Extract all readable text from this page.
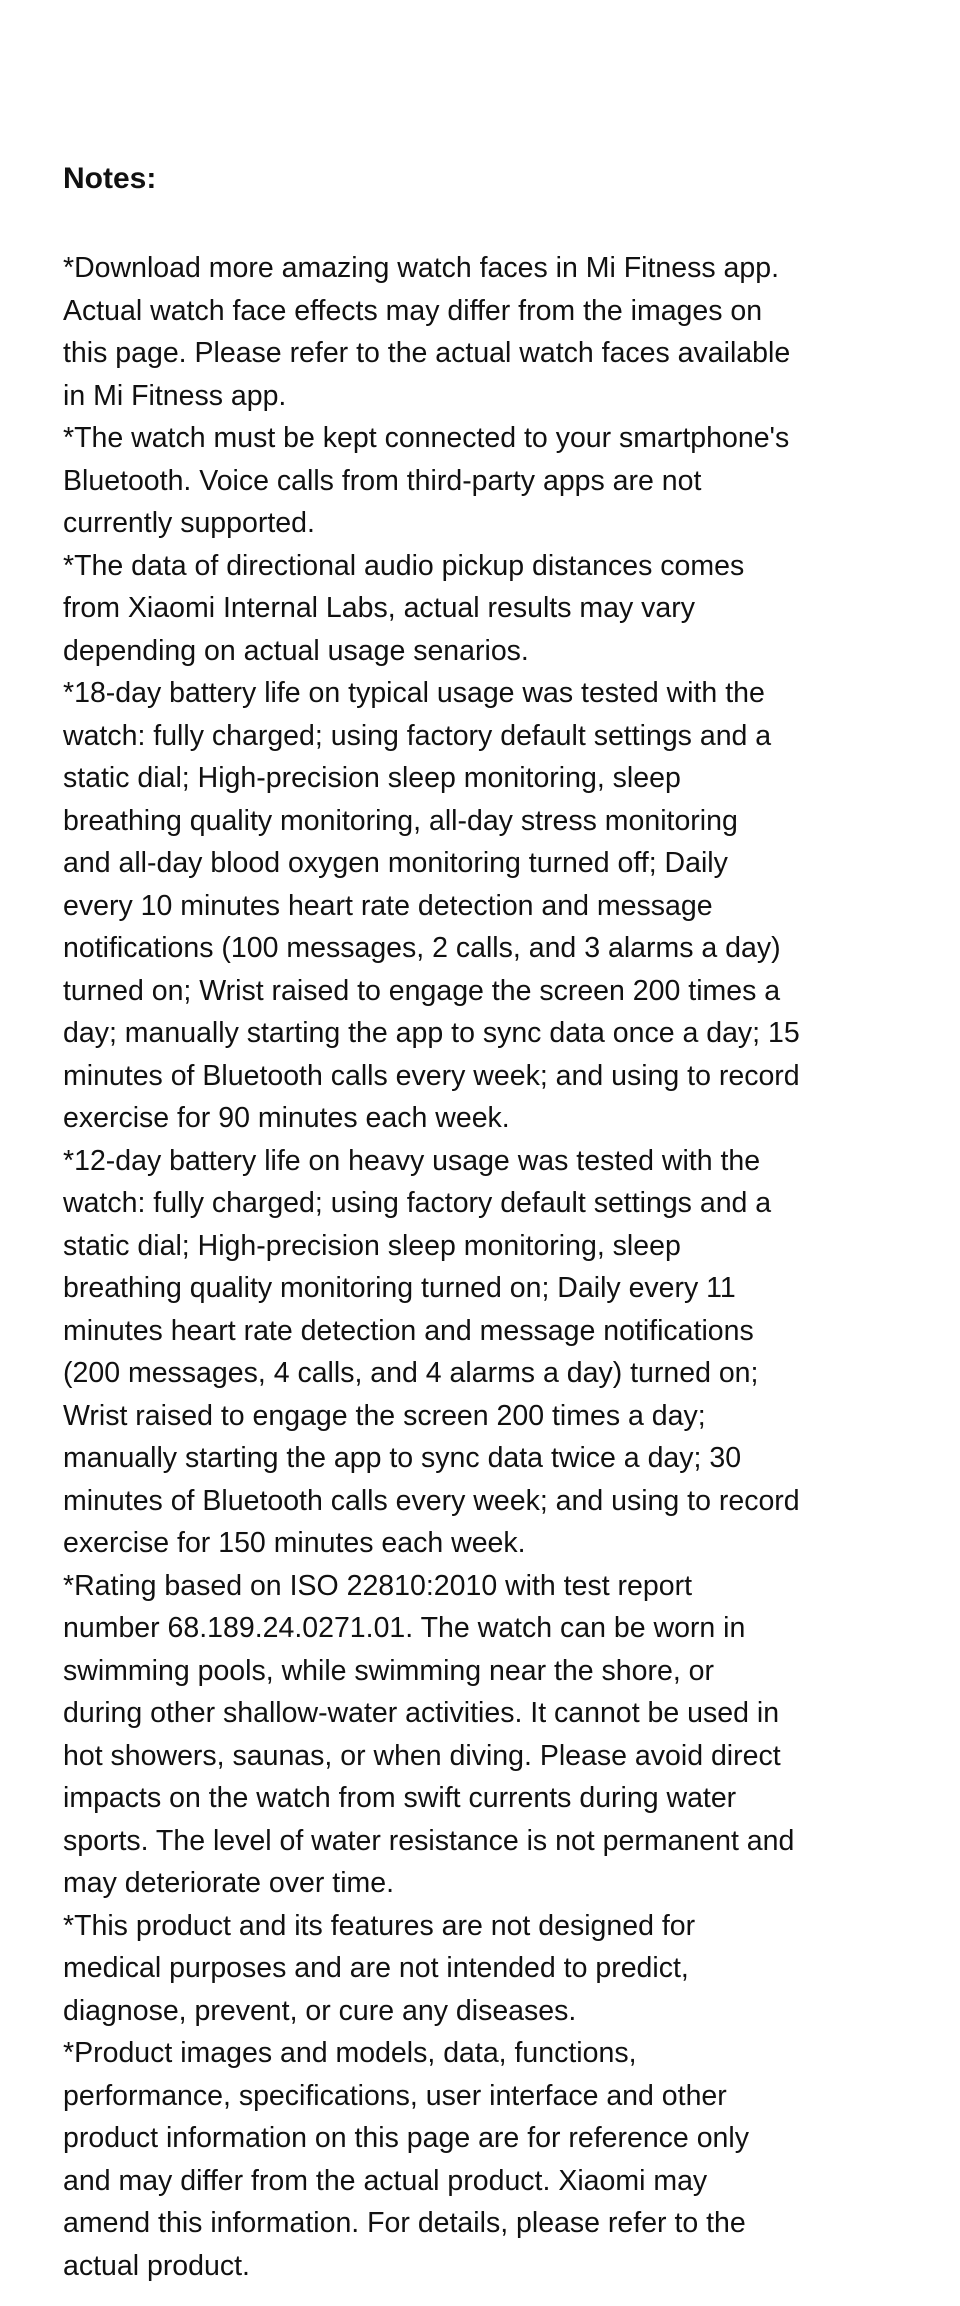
Notes:
*Download more amazing watch faces in Mi Fitness app.
Actual watch face effects may differ from the images on
this page. Please refer to the actual watch faces available
in Mi Fitness app.
*The watch must be kept connected to your smartphone's
Bluetooth. Voice calls from third-party apps are not
currently supported.
*The data of directional audio pickup distances comes
from Xiaomi Internal Labs, actual results may vary
depending on actual usage senarios.
*18-day battery life on typical usage was tested with the
watch: fully charged; using factory default settings and a
static dial; High-precision sleep monitoring, sleep
breathing quality monitoring, all-day stress monitoring
and all-day blood oxygen monitoring turned off; Daily
every 10 minutes heart rate detection and message
notifications (100 messages, 2 calls, and 3 alarms a day)
turned on; Wrist raised to engage the screen 200 times a
day; manually starting the app to sync data once a day; 15
minutes of Bluetooth calls every week; and using to record
exercise for 90 minutes each week.
*12-day battery life on heavy usage was tested with the
watch: fully charged; using factory default settings and a
static dial; High-precision sleep monitoring, sleep
breathing quality monitoring turned on; Daily every 11
minutes heart rate detection and message notifications
(200 messages, 4 calls, and 4 alarms a day) turned on;
Wrist raised to engage the screen 200 times a day;
manually starting the app to sync data twice a day; 30
minutes of Bluetooth calls every week; and using to record
exercise for 150 minutes each week.
*Rating based on ISO 22810:2010 with test report
number 68.189.24.0271.01. The watch can be worn in
swimming pools, while swimming near the shore, or
during other shallow-water activities. It cannot be used in
hot showers, saunas, or when diving. Please avoid direct
impacts on the watch from swift currents during water
sports. The level of water resistance is not permanent and
may deteriorate over time.
*This product and its features are not designed for
medical purposes and are not intended to predict,
diagnose, prevent, or cure any diseases.
*Product images and models, data, functions,
performance, specifications, user interface and other
product information on this page are for reference only
and may differ from the actual product. Xiaomi may
amend this information. For details, please refer to the
actual product.
